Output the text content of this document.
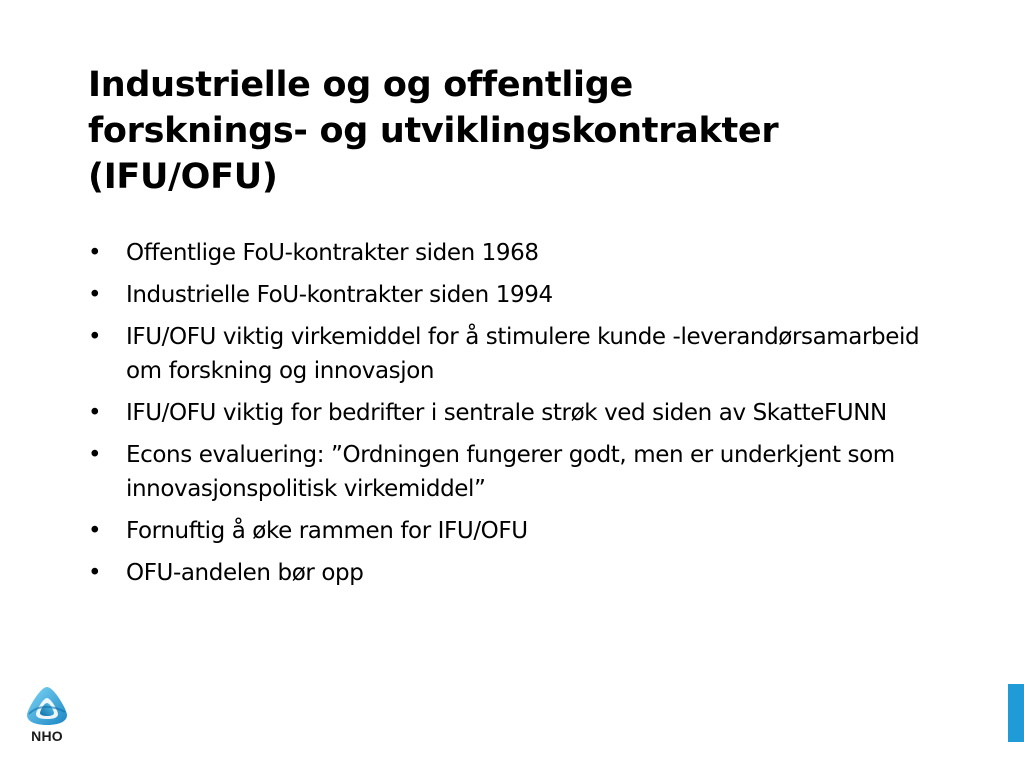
Industrielle og og offentlige
forsknings- og utviklingskontrakter
(IFU/OFU)
• Offentlige FoU-kontrakter siden 1968
• Industrielle FoU-kontrakter siden 1994
• IFU/OFU viktig virkemiddel for å stimulere kunde -leverandørsamarbeid om forskning og innovasjon
• IFU/OFU viktig for bedrifter i sentrale strøk ved siden av SkatteFUNN
• Econs evaluering: ”Ordningen fungerer godt, men er underkjent som innovasjonspolitisk virkemiddel”
• Fornuftig å øke rammen for IFU/OFU
• OFU-andelen bør opp
NHO
